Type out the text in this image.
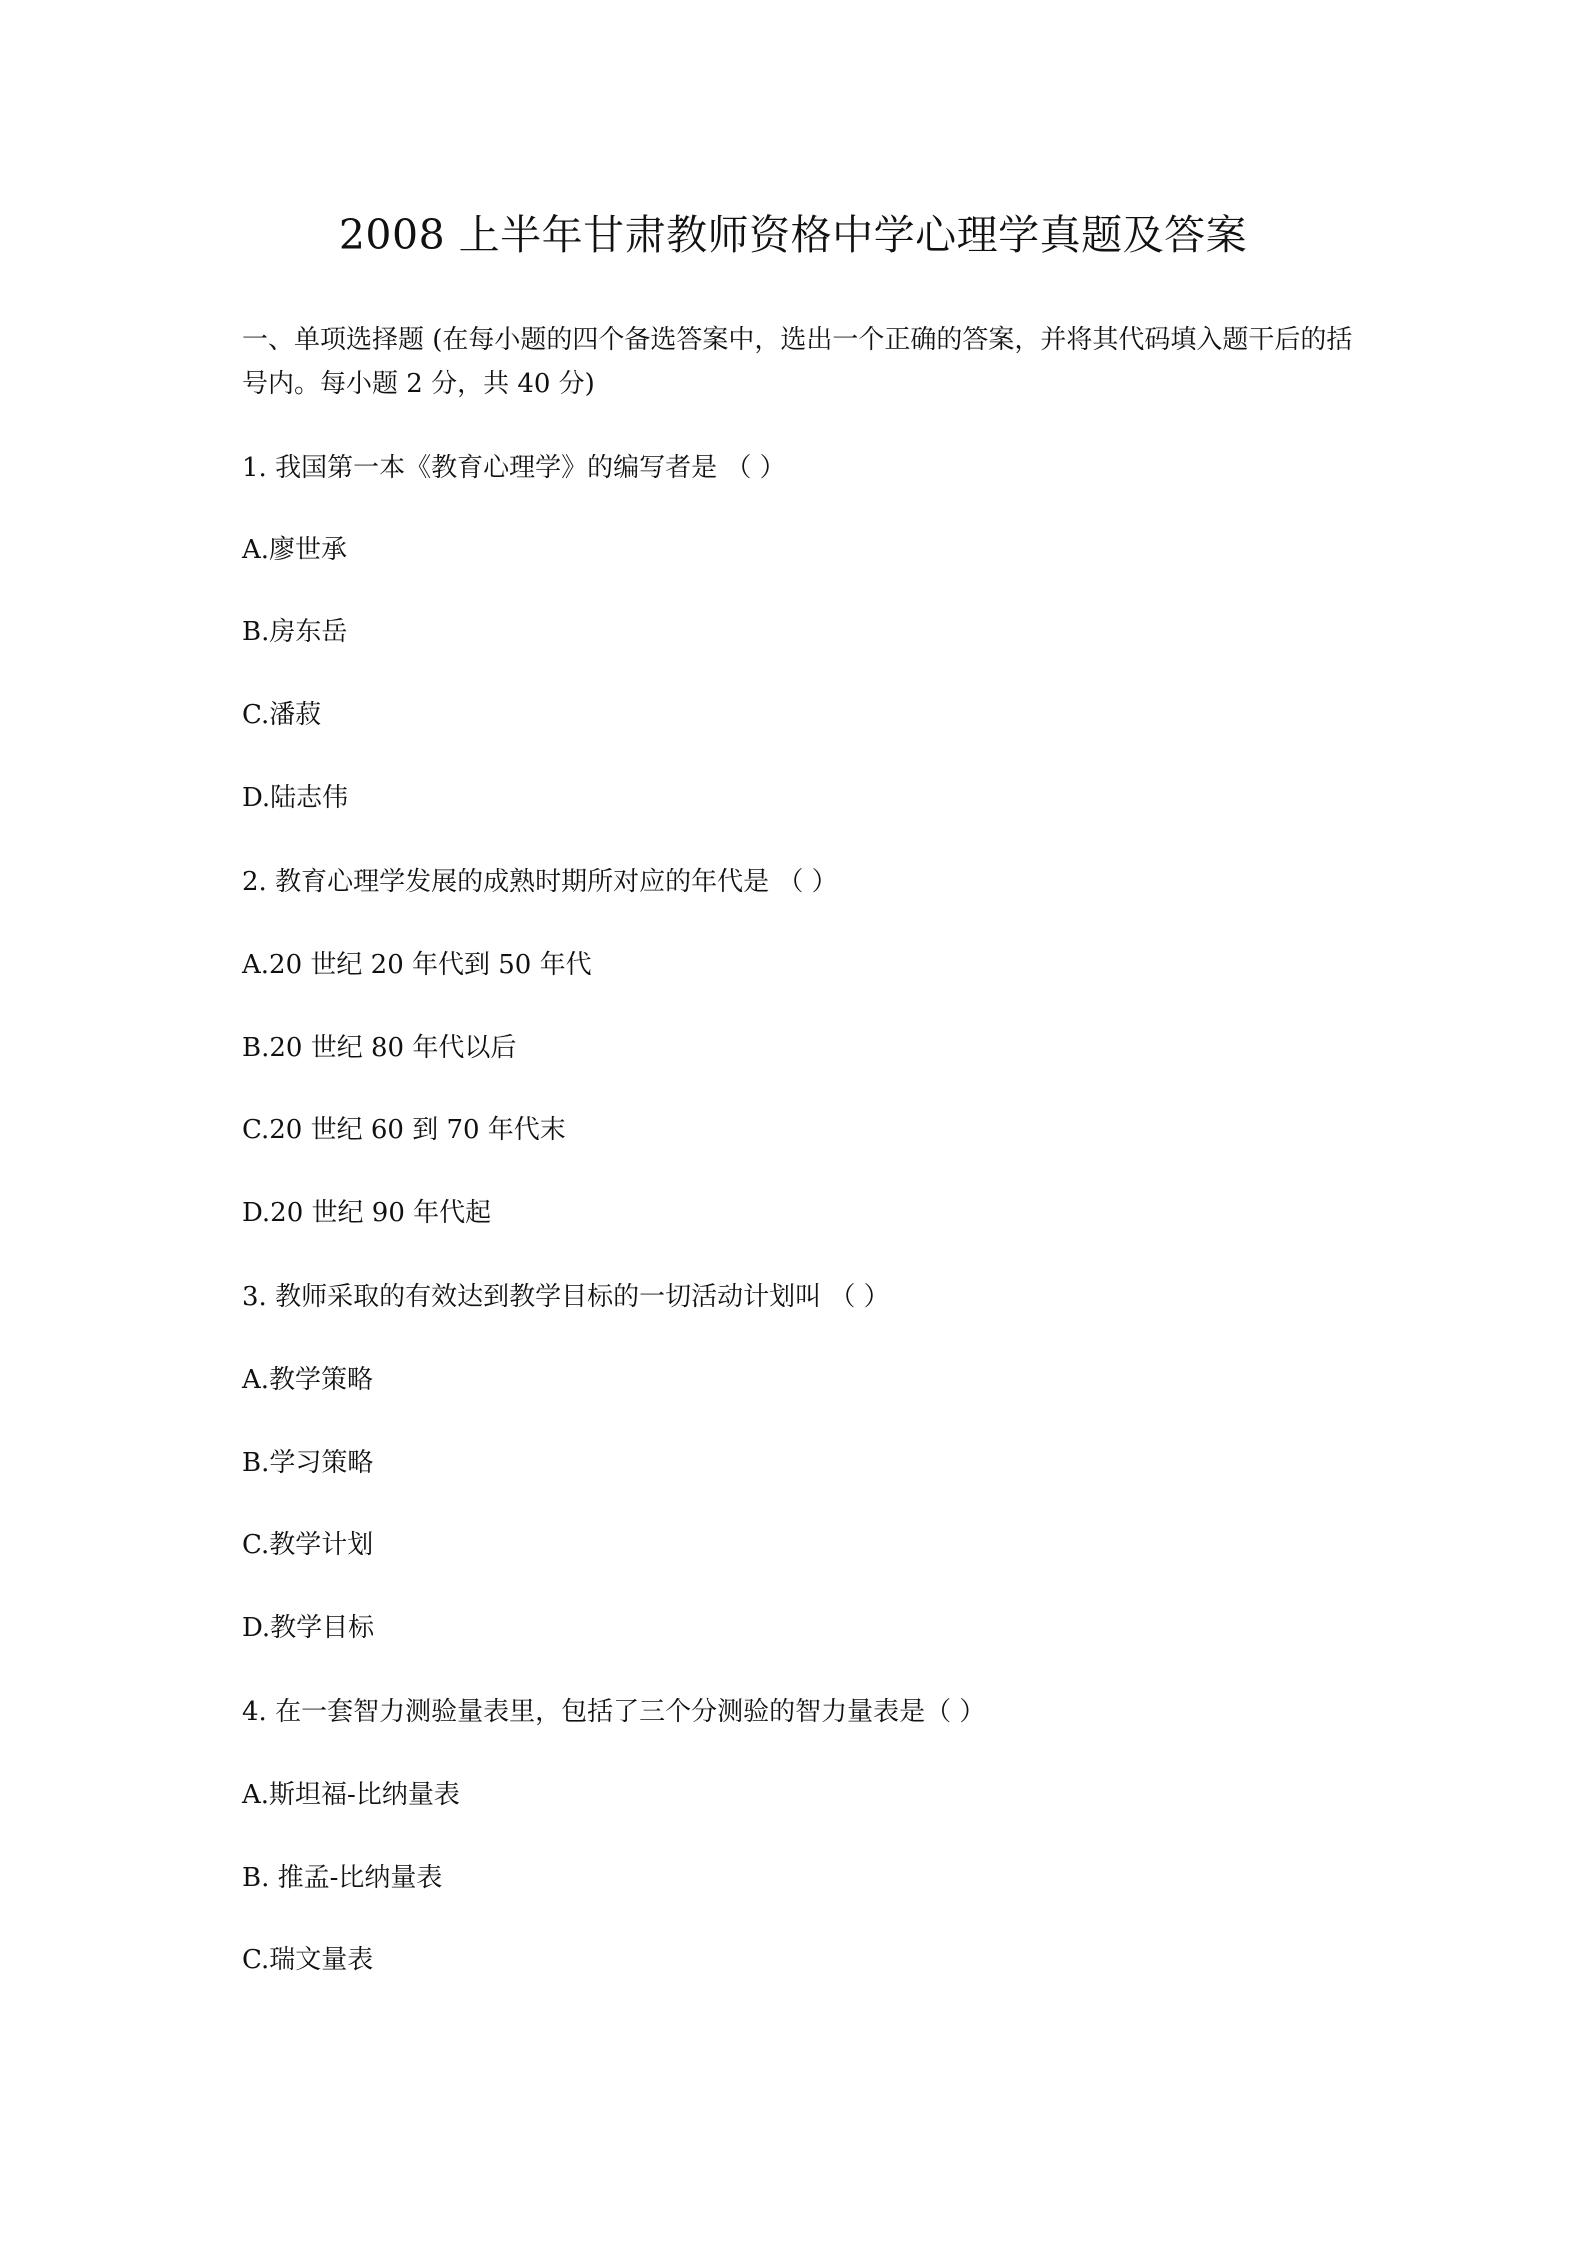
2008 上半年甘肃教师资格中学心理学真题及答案

一、单项选择题 (在每小题的四个备选答案中，选出一个正确的答案，并将其代码填入题干后的括号内。每小题 2 分，共 40 分)

1. 我国第一本《教育心理学》的编写者是 （ ）

A.廖世承

B.房东岳

C.潘菽

D.陆志伟

2. 教育心理学发展的成熟时期所对应的年代是 （ ）

A.20 世纪 20 年代到 50 年代

B.20 世纪 80 年代以后

C.20 世纪 60 到 70 年代末

D.20 世纪 90 年代起

3. 教师采取的有效达到教学目标的一切活动计划叫 （ ）

A.教学策略

B.学习策略

C.教学计划

D.教学目标

4. 在一套智力测验量表里，包括了三个分测验的智力量表是（ ）

A.斯坦福-比纳量表

B. 推孟-比纳量表

C.瑞文量表
